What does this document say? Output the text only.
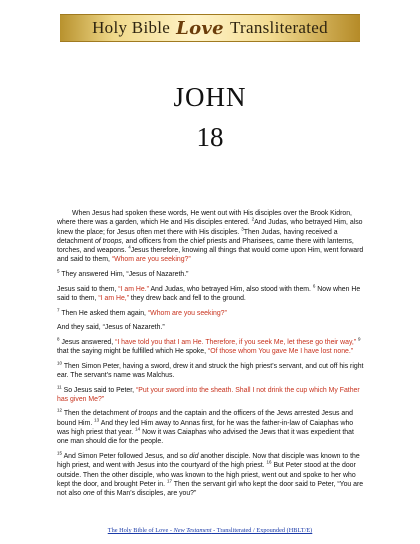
Holy Bible Love Transliterated
JOHN
18

When Jesus had spoken these words, He went out with His disciples over the Brook Kidron, where there was a garden, which He and His disciples entered. $^2$And Judas, who betrayed Him, also knew the place; for Jesus often met there with His disciples. $^3$Then Judas, having received a detachment of troops, and officers from the chief priests and Pharisees, came there with lanterns, torches, and weapons. $^4$Jesus therefore, knowing all things that would come upon Him, went forward and said to them, “Whom are you seeking?”

$^5$ They answered Him, “Jesus of Nazareth.”

Jesus said to them, “I am He.” And Judas, who betrayed Him, also stood with them. $^6$ Now when He said to them, “I am He,” they drew back and fell to the ground.

$^7$ Then He asked them again, “Whom are you seeking?”

And they said, “Jesus of Nazareth.”

$^8$ Jesus answered, “I have told you that I am He. Therefore, if you seek Me, let these go their way,” $^9$ that the saying might be fulfilled which He spoke, “Of those whom You gave Me I have lost none.”

$^{10}$ Then Simon Peter, having a sword, drew it and struck the high priest’s servant, and cut off his right ear. The servant’s name was Malchus.

$^{11}$ So Jesus said to Peter, “Put your sword into the sheath. Shall I not drink the cup which My Father has given Me?”

$^{12}$ Then the detachment of troops and the captain and the officers of the Jews arrested Jesus and bound Him. $^{13}$ And they led Him away to Annas first, for he was the father-in-law of Caiaphas who was high priest that year. $^{14}$ Now it was Caiaphas who advised the Jews that it was expedient that one man should die for the people.

$^{15}$ And Simon Peter followed Jesus, and so did another disciple. Now that disciple was known to the high priest, and went with Jesus into the courtyard of the high priest. $^{16}$ But Peter stood at the door outside. Then the other disciple, who was known to the high priest, went out and spoke to her who kept the door, and brought Peter in. $^{17}$ Then the servant girl who kept the door said to Peter, “You are not also one of this Man’s disciples, are you?”

The Holy Bible of Love - New Testament - Transliterated / Expounded (HBLT/E)
